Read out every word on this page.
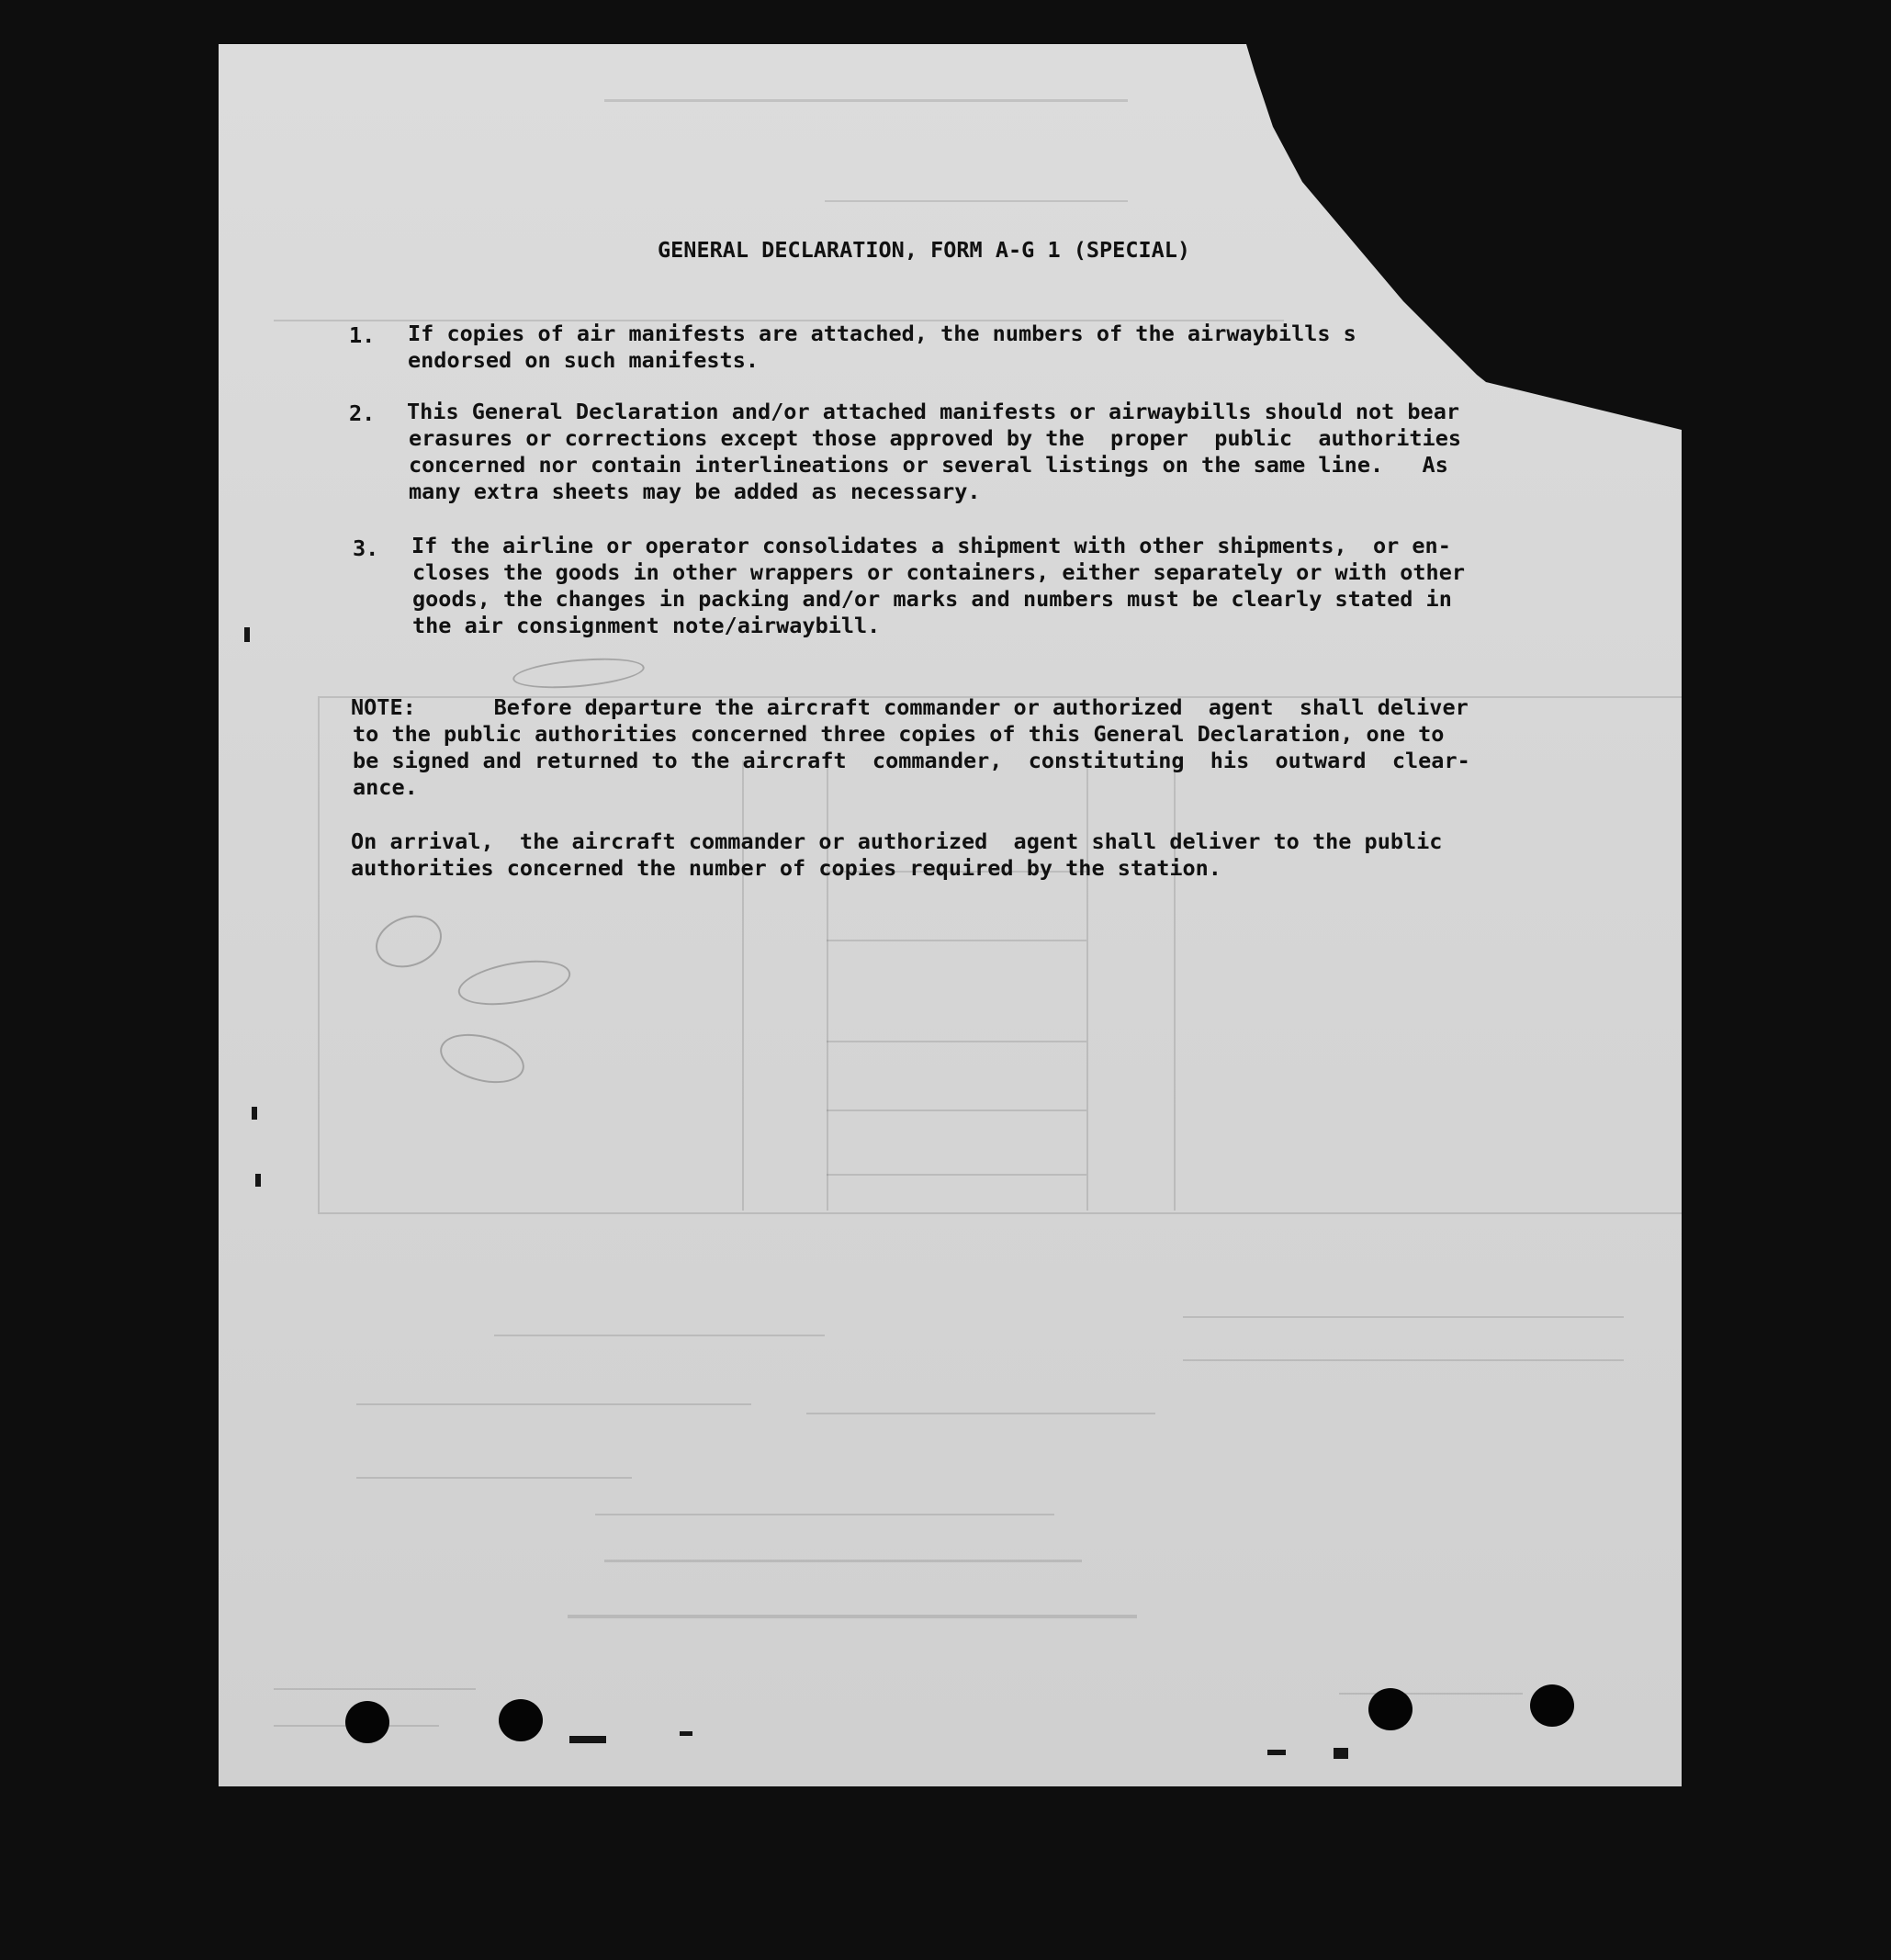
GENERAL DECLARATION, FORM A-G 1 (SPECIAL)
1. If copies of air manifests are attached, the numbers of the airwaybills s
endorsed on such manifests.
2. This General Declaration and/or attached manifests or airwaybills should not bear
erasures or corrections except those approved by the  proper  public  authorities
concerned nor contain interlineations or several listings on the same line.   As
many extra sheets may be added as necessary.
3. If the airline or operator consolidates a shipment with other shipments,  or en-
closes the goods in other wrappers or containers, either separately or with other
goods, the changes in packing and/or marks and numbers must be clearly stated in
the air consignment note/airwaybill.
NOTE:      Before departure the aircraft commander or authorized  agent  shall deliver
to the public authorities concerned three copies of this General Declaration, one to
be signed and returned to the aircraft  commander,  constituting  his  outward  clear-
ance.
On arrival,  the aircraft commander or authorized  agent shall deliver to the public
authorities concerned the number of copies required by the station.
